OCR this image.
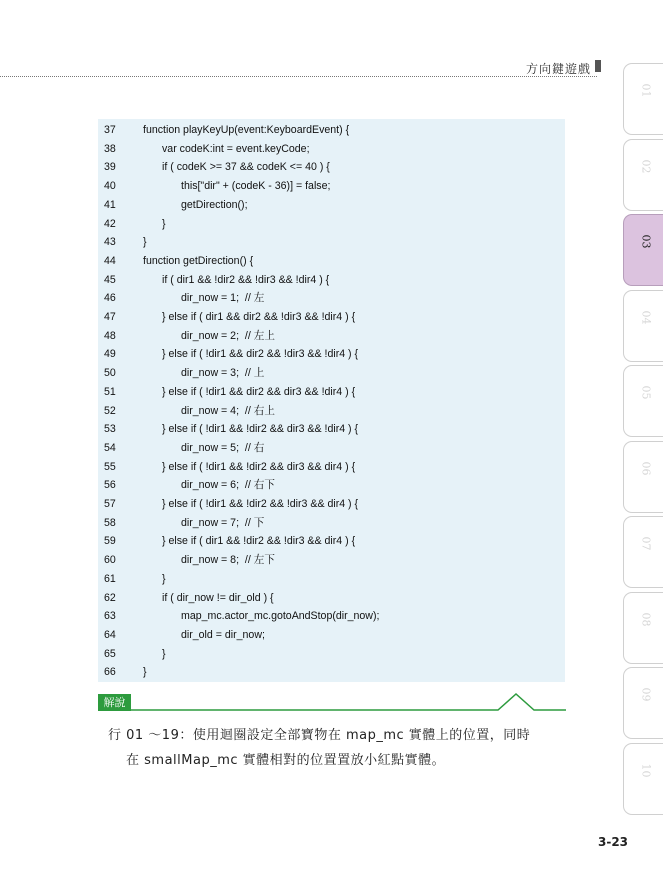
方向鍵遊戲
37	function playKeyUp(event:KeyboardEvent) {
38	var codeK:int = event.keyCode;
39	if ( codeK >= 37 && codeK <= 40 ) {
40	this["dir" + (codeK - 36)] = false;
41	getDirection();
42	}
43	}
44	function getDirection() {
45	if ( dir1 && !dir2 && !dir3 && !dir4 ) {
46	dir_now = 1;  // 左
47	} else if ( dir1 && dir2 && !dir3 && !dir4 ) {
48	dir_now = 2;  // 左上
49	} else if ( !dir1 && dir2 && !dir3 && !dir4 ) {
50	dir_now = 3;  // 上
51	} else if ( !dir1 && dir2 && dir3 && !dir4 ) {
52	dir_now = 4;  // 右上
53	} else if ( !dir1 && !dir2 && dir3 && !dir4 ) {
54	dir_now = 5;  // 右
55	} else if ( !dir1 && !dir2 && dir3 && dir4 ) {
56	dir_now = 6;  // 右下
57	} else if ( !dir1 && !dir2 && !dir3 && dir4 ) {
58	dir_now = 7;  // 下
59	} else if ( dir1 && !dir2 && !dir3 && dir4 ) {
60	dir_now = 8;  // 左下
61	}
62	if ( dir_now != dir_old ) {
63	map_mc.actor_mc.gotoAndStop(dir_now);
64	dir_old = dir_now;
65	}
66	}
解說
行 01 ～19：使用迴圈設定全部寶物在 map_mc 實體上的位置，同時
在 smallMap_mc 實體相對的位置置放小紅點實體。
3-23
01
02
03
04
05
06
07
08
09
10
